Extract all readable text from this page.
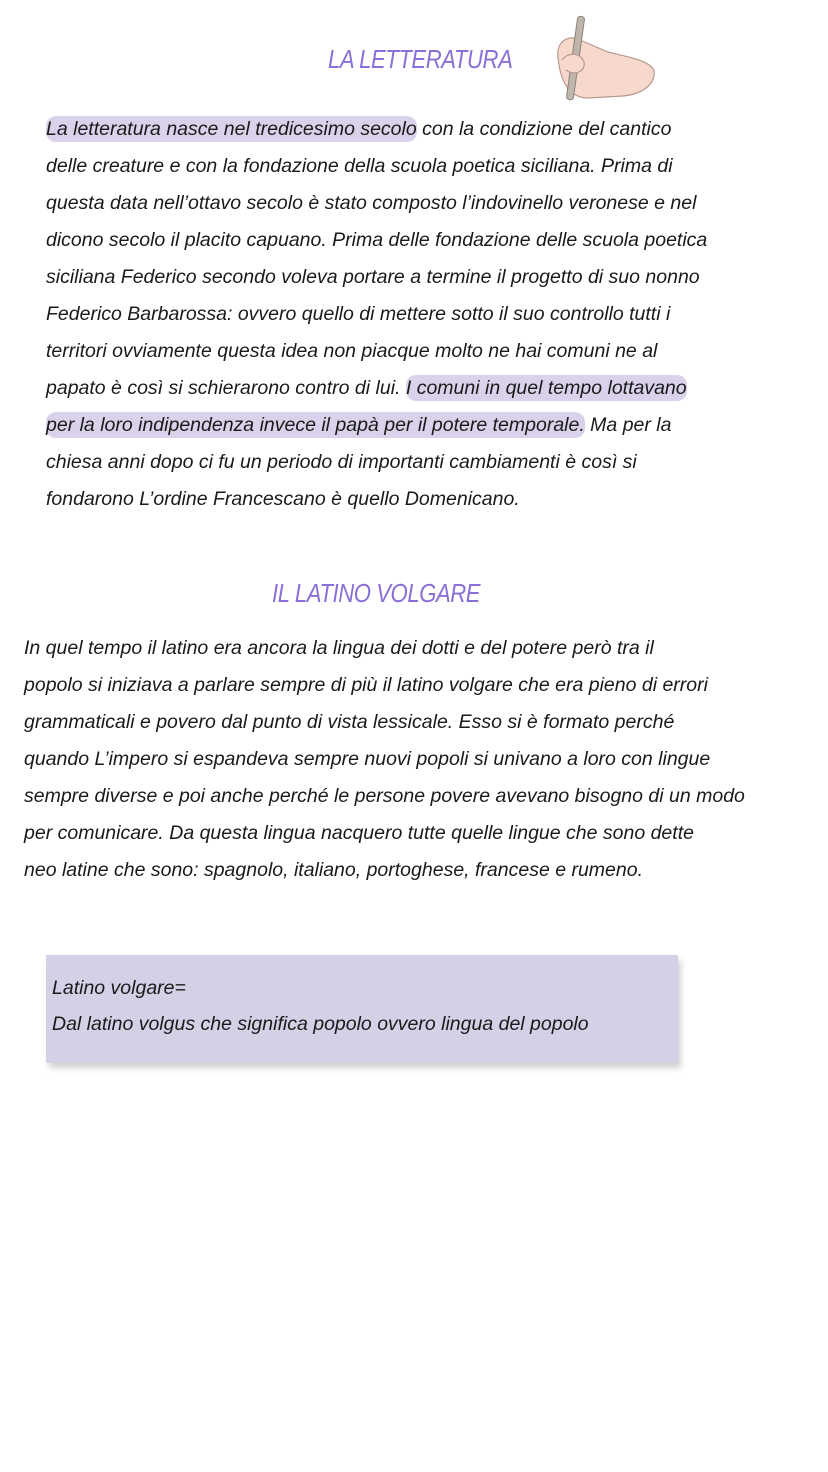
LA LETTERATURA
La letteratura nasce nel tredicesimo secolo con la condizione del cantico
delle creature e con la fondazione della scuola poetica siciliana. Prima di
questa data nell’ottavo secolo è stato composto l’indovinello veronese e nel
dicono secolo il placito capuano. Prima delle fondazione delle scuola poetica
siciliana Federico secondo voleva portare a termine il progetto di suo nonno
Federico Barbarossa: ovvero quello di mettere sotto il suo controllo tutti i
territori ovviamente questa idea non piacque molto ne hai comuni ne al
papato è così si schierarono contro di lui. I comuni in quel tempo lottavano
per la loro indipendenza invece il papà per il potere temporale. Ma per la
chiesa anni dopo ci fu un periodo di importanti cambiamenti è così si
fondarono L’ordine Francescano è quello Domenicano.
IL LATINO VOLGARE
In quel tempo il latino era ancora la lingua dei dotti e del potere però tra il
popolo si iniziava a parlare sempre di più il latino volgare che era pieno di errori
grammaticali e povero dal punto di vista lessicale. Esso si è formato perché
quando L’impero si espandeva sempre nuovi popoli si univano a loro con lingue
sempre diverse e poi anche perché le persone povere avevano bisogno di un modo
per comunicare. Da questa lingua nacquero tutte quelle lingue che sono dette
neo latine che sono: spagnolo, italiano, portoghese, francese e rumeno.
Latino volgare=
Dal latino volgus che significa popolo ovvero lingua del popolo
